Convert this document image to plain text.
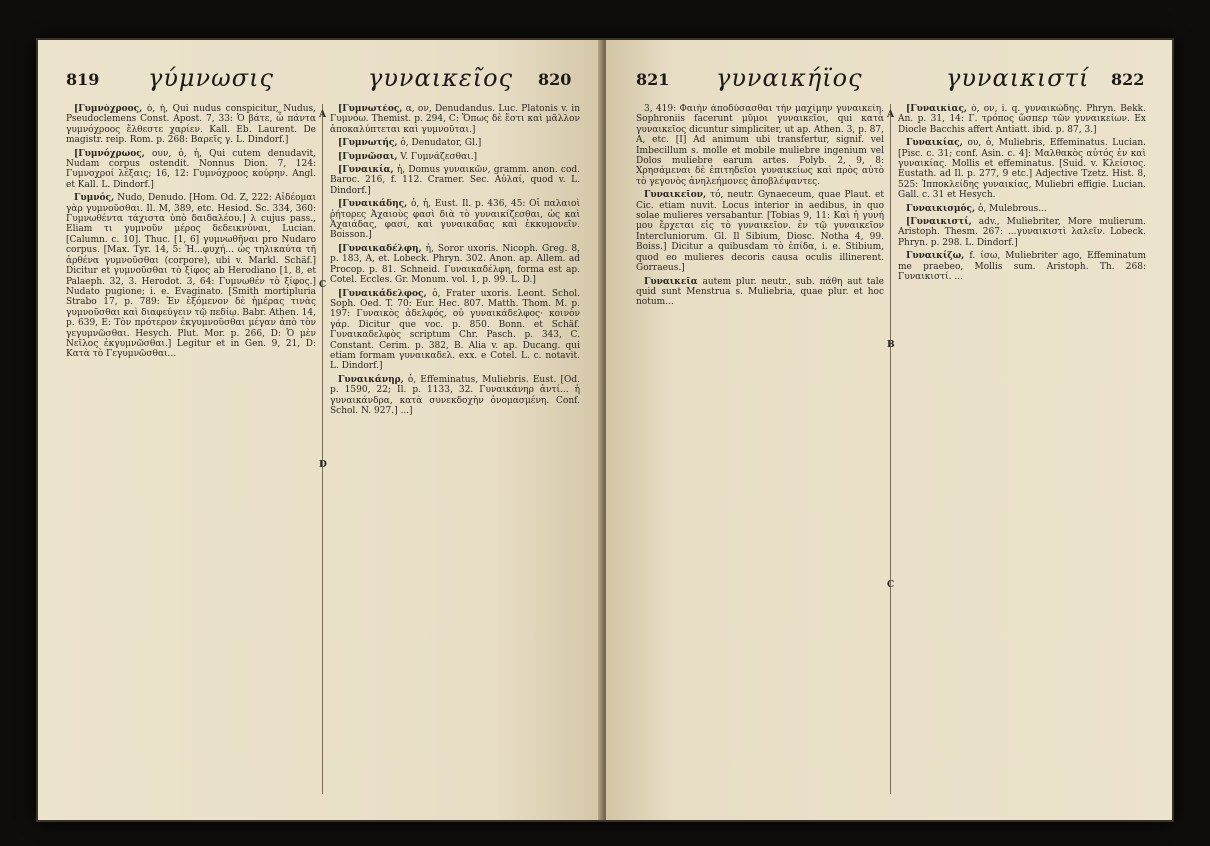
819 γύμνωσις	γυναικεῖος 820

[Γυμνόχροος, ὁ, ἡ, Qui nudus conspicitur, Nudus, Pseudoclemens Const. Apost. 7, 33: Ὁ βάτε, ὦ πάντα γυμνόχροος ἔλθεστε χαρίεν. Kall. Eb. Laurent. De magistr. reip. Rom. p. 268: Βαρεῖς γ. L. Dindorf.]

[Γυμνόχρωος, ουν, ὁ, ἡ, Qui cutem denudavit, Nudam corpus ostendit. Nonnus Dion. 7, 124: Γυμνοχροί λέξαις; 16, 12: Γυμνόχροος κούρην. Angl. et Kall. L. Dindorf.]

Γυμνός, Nudo, Denudo. [Hom. Od. Z, 222: Αἰδέομαι γὰρ γυμνοῦσθαι. Il. M, 389, etc. Hesiod. Sc. 334, 360: Γυμνωθέντα τάχιστα ὑπὸ δαιδαλέου.] λ cujus pass., Eliam τι γυμνοῦν μέρος δεδεικνύναι, Lucian. [Calumn. c. 10]. Thuc. [1, 6] γυμνωθῆναι pro Nudaro corpus. [Max. Tyr. 14, 5: Ἠ...φυχή... ὡς τηλικαύτα τῆ ἀρθένα γυμνοῦσθαι (corpore), ubi v. Markl. Schäf.] Dicitur et γυμνοῦσθαι τὸ ξίφος ab Herodiano [1, 8, et Palaeph. 32, 3. Herodot. 3, 64: Γυμνωθέν τὸ ξίφος.] Nudato pugione; i. e. Evaginato. [Smith mortipluria Strabo 17, p. 789: Ἐν ἐξόμενον δὲ ἡμέρας τινὰς γυμνοῦσθαι καὶ διαφεύγειν τῷ πεδίῳ. Babr. Athen. 14, p. 639, E: Τὸν πρότερον ἐκγυμνοῦσθαι μέγαν ἀπὸ τὸν γεγυμνῶσθαι. Hesych. Plut. Mor. p. 266, D: Ὁ μὲν Νεῖλος ἐκγυμνῶσθαι.] Legitur et in Gen. 9, 21, D: Κατὰ τὸ Γεγυμνῶσθαι...

[Γυμνωτέος, α, ον, Denudandus. Luc. Platonis v. in Γυμνόω. Themist. p. 294, C: Ὅπως δὲ ἔστι καὶ μᾶλλον ἀποκαλύπτεται καὶ γυμνοῦται.]

[Γυμνωτής, ὁ, Denudator, Gl.]

[Γυμνῶσαι, V. Γυμνάζεσθαι.]

[Γυναικία, ἡ, Domus γυναικῶν, gramm. anon. cod. Baroc. 216, f. 112. Cramer. Sec. Αὐλαί, quod v. L. Dindorf.]

[Γυναικάδης, ὁ, ἡ, Eust. Il. p. 436, 45: Οἱ παλαιοὶ ῥήτορες Ἀχαιοὺς φασὶ διὰ τὸ γυναικίζεσθαι, ὡς καὶ Ἀχαιάδας, φασί, καὶ γυναικάδας καὶ ἐκκυμονεῖν. Boisson.]

[Γυναικαδέλφη, ἡ, Soror uxoris. Nicoph. Greg. 8, p. 183, A, et. Lobeck. Phryn. 302. Anon. ap. Allem. ad Procop. p. 81. Schneid. Γυναικαδέλφη, forma est ap. Cotel. Eccles. Gr. Monum. vol. 1, p. 99. L. D.]

[Γυναικάδελφος, ὁ, Frater uxoris. Leont. Schol. Soph. Oed. T. 70: Eur. Hec. 807. Matth. Thom. M. p. 197: Γυναικὸς ἀδελφός, οὐ γυναικάδελφος· κοινὸν γάρ. Dicitur que voc. p. 850. Bonn. et Schäf. Γυναικαδελφὸς scriptum Chr. Pasch. p. 343, C. Constant. Cerim. p. 382, B. Alia v. ap. Ducang. qui etiam formam γυναικαδελ. exx. e Cotel. L. c. notavit. L. Dindorf.]

Γυναικάνηρ, ὁ, Effeminatus, Muliebris. Eust. [Od. p. 1590, 22; Il. p. 1133, 32. Γυναικάνηρ ἀντί... ἡ γυναικάνδρα, κατὰ συνεκδοχὴν ὀνομασμένη. Conf. Schol. N. 927.] ...]

A
C
D
821 γυναικήϊος	γυναικιστί 822

3, 419: Φαιὴν ἀποδύσασθαι τὴν μαχίμην γυναικείη. Sophroniis facerunt μῦμοι γυναικεῖοι, qui κατὰ γυναικεῖος dicuntur simpliciter, ut ap. Athen. 3, p. 87, A, etc. [I] Ad animum ubi transfertur, signif. vel Imbecillum s. molle et mobile muliebre ingenium vel Dolos muliebre earum artes. Polyb. 2, 9, 8: Χρησάμεναι δὲ ἐπιτηδεῖοι γυναικείως καὶ πρὸς αὐτὸ τὸ γεγονὸς ἀνηλεήμονες ἀποβλέψαντες.

Γυναικεῖον, τό, neutr. Gynaeceum, quae Plaut. et Cic. etiam nuvit. Locus interior in aedibus, in quo solae mulieres versabantur. [Tobias 9, 11: Καὶ ἡ γυνή μου ἔρχεται εἰς τὸ γυναικεῖον. ἐν τῷ γυναικεῖον Intercluniorum. Gl. Il Sibium, Diosc. Notha 4, 99. Boiss.] Dicitur a quibusdam τὸ ἐπίδα, i. e. Stibium, quod eo mulieres decoris causa oculis illinerent. Gorraeus.]

Γυναικεῖα autem plur. neutr., sub. πάθη aut tale quid sunt Menstrua s. Muliebria, quae plur. et hoc notum...

[Γυναικίας, ὁ, ον, i. q. γυναικώδης. Phryn. Bekk. An. p. 31, 14: Γ. τρόπος ὥσπερ τῶν γυναικείων. Ex Diocle Bacchis affert Antiatt. ibid. p. 87, 3.]

Γυναικίας, ου, ὁ, Muliebris, Effeminatus. Lucian. [Pisc. c. 31; conf. Asin. c. 4]: Μαλθακὸς αὐτός ἐν καὶ γυναικίας. Mollis et effeminatus. [Suid. v. Κλείσιος. Eustath. ad Il. p. 277, 9 etc.] Adjective Tzetz. Hist. 8, 525: Ἱπποκλείδης γυναικίας, Muliebri effigie. Lucian. Gall. c. 31 et Hesych.

Γυναικισμός, ὁ, Mulebrous...

[Γυναικιστί, adv., Muliebriter, More mulierum. Aristoph. Thesm. 267: ...γυναικιστὶ λαλεῖν. Lobeck. Phryn. p. 298. L. Dindorf.]

Γυναικίζω, f. ίσω, Muliebriter ago, Effeminatum me praebeo, Mollis sum. Aristoph. Th. 268: Γυναικιστί. ...

A
B
C
